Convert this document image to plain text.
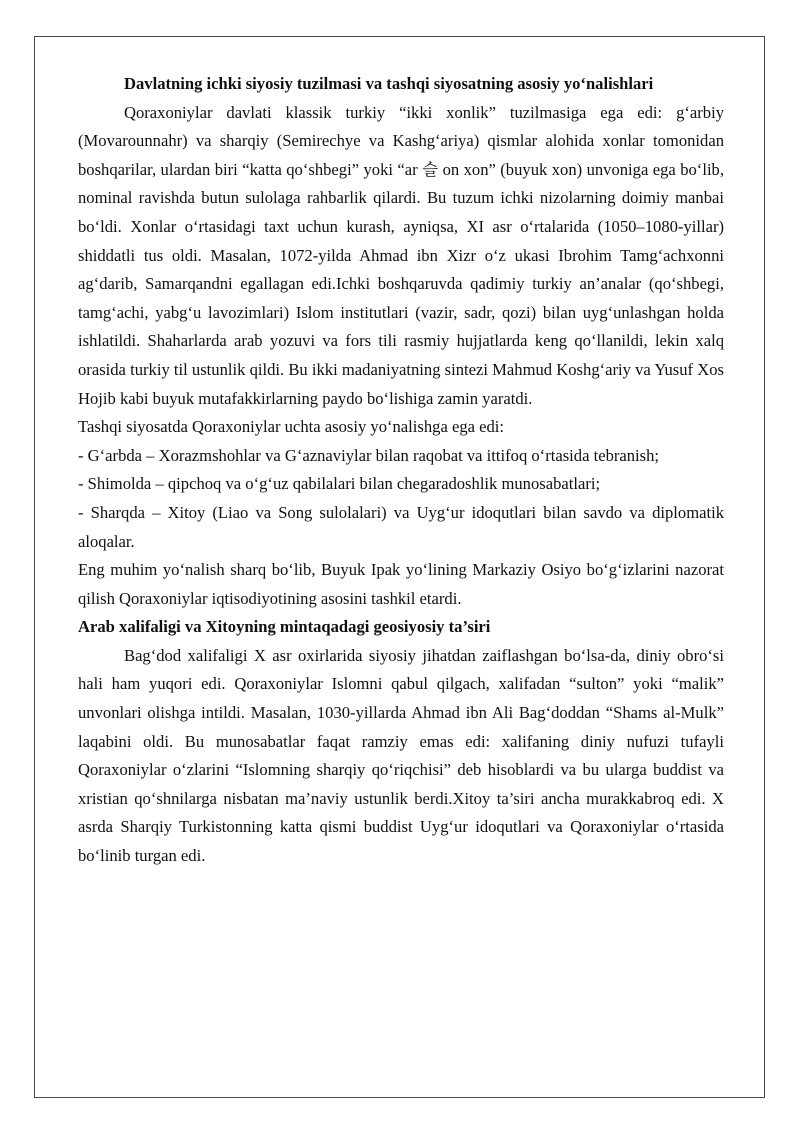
Davlatning ichki siyosiy tuzilmasi va tashqi siyosatning asosiy yo‘nalishlari

Qoraxoniylar davlati klassik turkiy “ikki xonlik” tuzilmasiga ega edi: g‘arbiy (Movarounnahr) va sharqiy (Semirechye va Kashg‘ariya) qismlar alohida xonlar tomonidan boshqarilar, ulardan biri “katta qo‘shbegi” yoki “ar 슬 on xon” (buyuk xon) unvoniga ega bo‘lib, nominal ravishda butun sulolaga rahbarlik qilardi. Bu tuzum ichki nizolarning doimiy manbai bo‘ldi. Xonlar o‘rtasidagi taxt uchun kurash, ayniqsa, XI asr o‘rtalarida (1050–1080-yillar) shiddatli tus oldi. Masalan, 1072-yilda Ahmad ibn Xizr o‘z ukasi Ibrohim Tamg‘achxonni ag‘darib, Samarqandni egallagan edi.Ichki boshqaruvda qadimiy turkiy an’analar (qo‘shbegi, tamg‘achi, yabg‘u lavozimlari) Islom institutlari (vazir, sadr, qozi) bilan uyg‘unlashgan holda ishlatildi. Shaharlarda arab yozuvi va fors tili rasmiy hujjatlarda keng qo‘llanildi, lekin xalq orasida turkiy til ustunlik qildi. Bu ikki madaniyatning sintezi Mahmud Koshg‘ariy va Yusuf Xos Hojib kabi buyuk mutafakkirlarning paydo bo‘lishiga zamin yaratdi.

Tashqi siyosatda Qoraxoniylar uchta asosiy yo‘nalishga ega edi:

- G‘arbda – Xorazmshohlar va G‘aznaviylar bilan raqobat va ittifoq o‘rtasida tebranish;

- Shimolda – qipchoq va o‘g‘uz qabilalari bilan chegaradoshlik munosabatlari;

- Sharqda – Xitoy (Liao va Song sulolalari) va Uyg‘ur idoqutlari bilan savdo va diplomatik aloqalar.

Eng muhim yo‘nalish sharq bo‘lib, Buyuk Ipak yo‘lining Markaziy Osiyo bo‘g‘izlarini nazorat qilish Qoraxoniylar iqtisodiyotining asosini tashkil etardi.

Arab xalifaligi va Xitoyning mintaqadagi geosiyosiy ta’siri

Bag‘dod xalifaligi X asr oxirlarida siyosiy jihatdan zaiflashgan bo‘lsa-da, diniy obro‘si hali ham yuqori edi. Qoraxoniylar Islomni qabul qilgach, xalifadan “sulton” yoki “malik” unvonlari olishga intildi. Masalan, 1030-yillarda Ahmad ibn Ali Bag‘doddan “Shams al-Mulk” laqabini oldi. Bu munosabatlar faqat ramziy emas edi: xalifaning diniy nufuzi tufayli Qoraxoniylar o‘zlarini “Islomning sharqiy qo‘riqchisi” deb hisoblardi va bu ularga buddist va xristian qo‘shnilarga nisbatan ma’naviy ustunlik berdi.Xitoy ta’siri ancha murakkabroq edi. X asrda Sharqiy Turkistonning katta qismi buddist Uyg‘ur idoqutlari va Qoraxoniylar o‘rtasida bo‘linib turgan edi.
